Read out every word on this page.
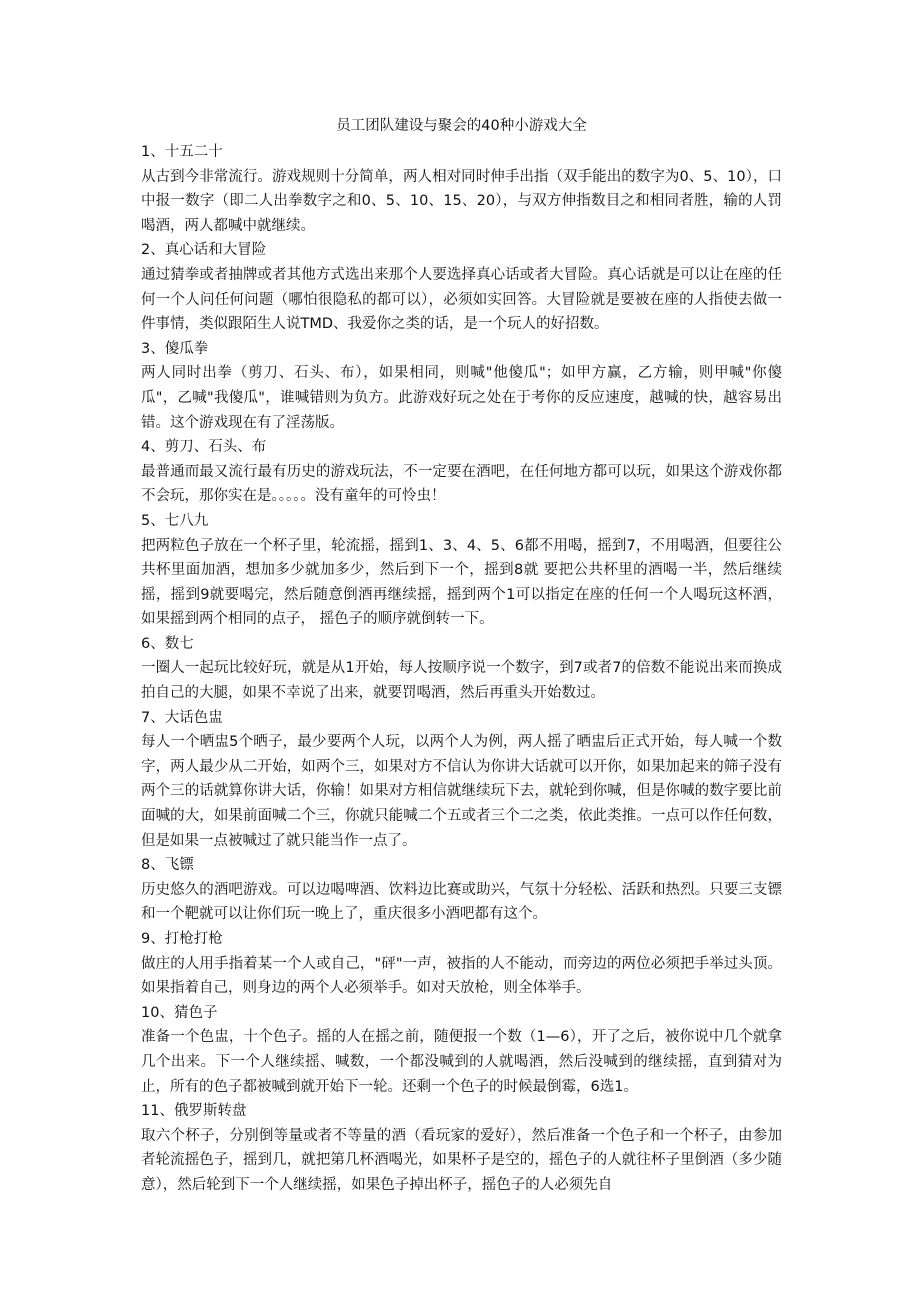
员工团队建设与聚会的40种小游戏大全

1、十五二十

从古到今非常流行。游戏规则十分简单，两人相对同时伸手出指（双手能出的数字为0、5、10），口中报一数字（即二人出拳数字之和0、5、10、15、20），与双方伸指数目之和相同者胜，输的人罚喝酒，两人都喊中就继续。

2、真心话和大冒险

通过猜拳或者抽牌或者其他方式选出来那个人要选择真心话或者大冒险。真心话就是可以让在座的任何一个人问任何问题（哪怕很隐私的都可以），必须如实回答。大冒险就是要被在座的人指使去做一件事情，类似跟陌生人说TMD、我爱你之类的话，是一个玩人的好招数。

3、傻瓜拳

两人同时出拳（剪刀、石头、布），如果相同，则喊"他傻瓜"；如甲方赢，乙方输，则甲喊"你傻瓜"，乙喊"我傻瓜"，谁喊错则为负方。此游戏好玩之处在于考你的反应速度，越喊的快，越容易出错。这个游戏现在有了淫荡版。

4、剪刀、石头、布

最普通而最又流行最有历史的游戏玩法，不一定要在酒吧，在任何地方都可以玩，如果这个游戏你都不会玩，那你实在是。。。。。没有童年的可怜虫！

5、七八九

把两粒色子放在一个杯子里，轮流摇，摇到1、3、4、5、6都不用喝，摇到7，不用喝酒，但要往公共杯里面加酒，想加多少就加多少，然后到下一个，摇到8就 要把公共杯里的酒喝一半，然后继续摇，摇到9就要喝完，然后随意倒酒再继续摇，摇到两个1可以指定在座的任何一个人喝玩这杯酒，如果摇到两个相同的点子， 摇色子的顺序就倒转一下。

6、数七

一圈人一起玩比较好玩，就是从1开始，每人按顺序说一个数字，到7或者7的倍数不能说出来而换成拍自己的大腿，如果不幸说了出来，就要罚喝酒，然后再重头开始数过。

7、大话色盅

每人一个晒盅5个晒子，最少要两个人玩，以两个人为例，两人摇了晒盅后正式开始，每人喊一个数字，两人最少从二开始，如两个三，如果对方不信认为你讲大话就可以开你，如果加起来的筛子没有两个三的话就算你讲大话，你输！如果对方相信就继续玩下去，就轮到你喊，但是你喊的数字要比前面喊的大，如果前面喊二个三，你就只能喊二个五或者三个二之类，依此类推。一点可以作任何数，但是如果一点被喊过了就只能当作一点了。

8、飞镖

历史悠久的酒吧游戏。可以边喝啤酒、饮料边比赛或助兴，气氛十分轻松、活跃和热烈。只要三支镖和一个靶就可以让你们玩一晚上了，重庆很多小酒吧都有这个。

9、打枪打枪

做庄的人用手指着某一个人或自己，"砰"一声，被指的人不能动，而旁边的两位必须把手举过头顶。如果指着自己，则身边的两个人必须举手。如对天放枪，则全体举手。

10、猜色子

准备一个色盅，十个色子。摇的人在摇之前，随便报一个数（1—6），开了之后，被你说中几个就拿几个出来。下一个人继续摇、喊数，一个都没喊到的人就喝酒，然后没喊到的继续摇，直到猜对为止，所有的色子都被喊到就开始下一轮。还剩一个色子的时候最倒霉，6选1。

11、俄罗斯转盘

取六个杯子，分别倒等量或者不等量的酒（看玩家的爱好），然后准备一个色子和一个杯子，由参加者轮流摇色子，摇到几，就把第几杯酒喝光，如果杯子是空的，摇色子的人就往杯子里倒酒（多少随意），然后轮到下一个人继续摇，如果色子掉出杯子，摇色子的人必须先自
